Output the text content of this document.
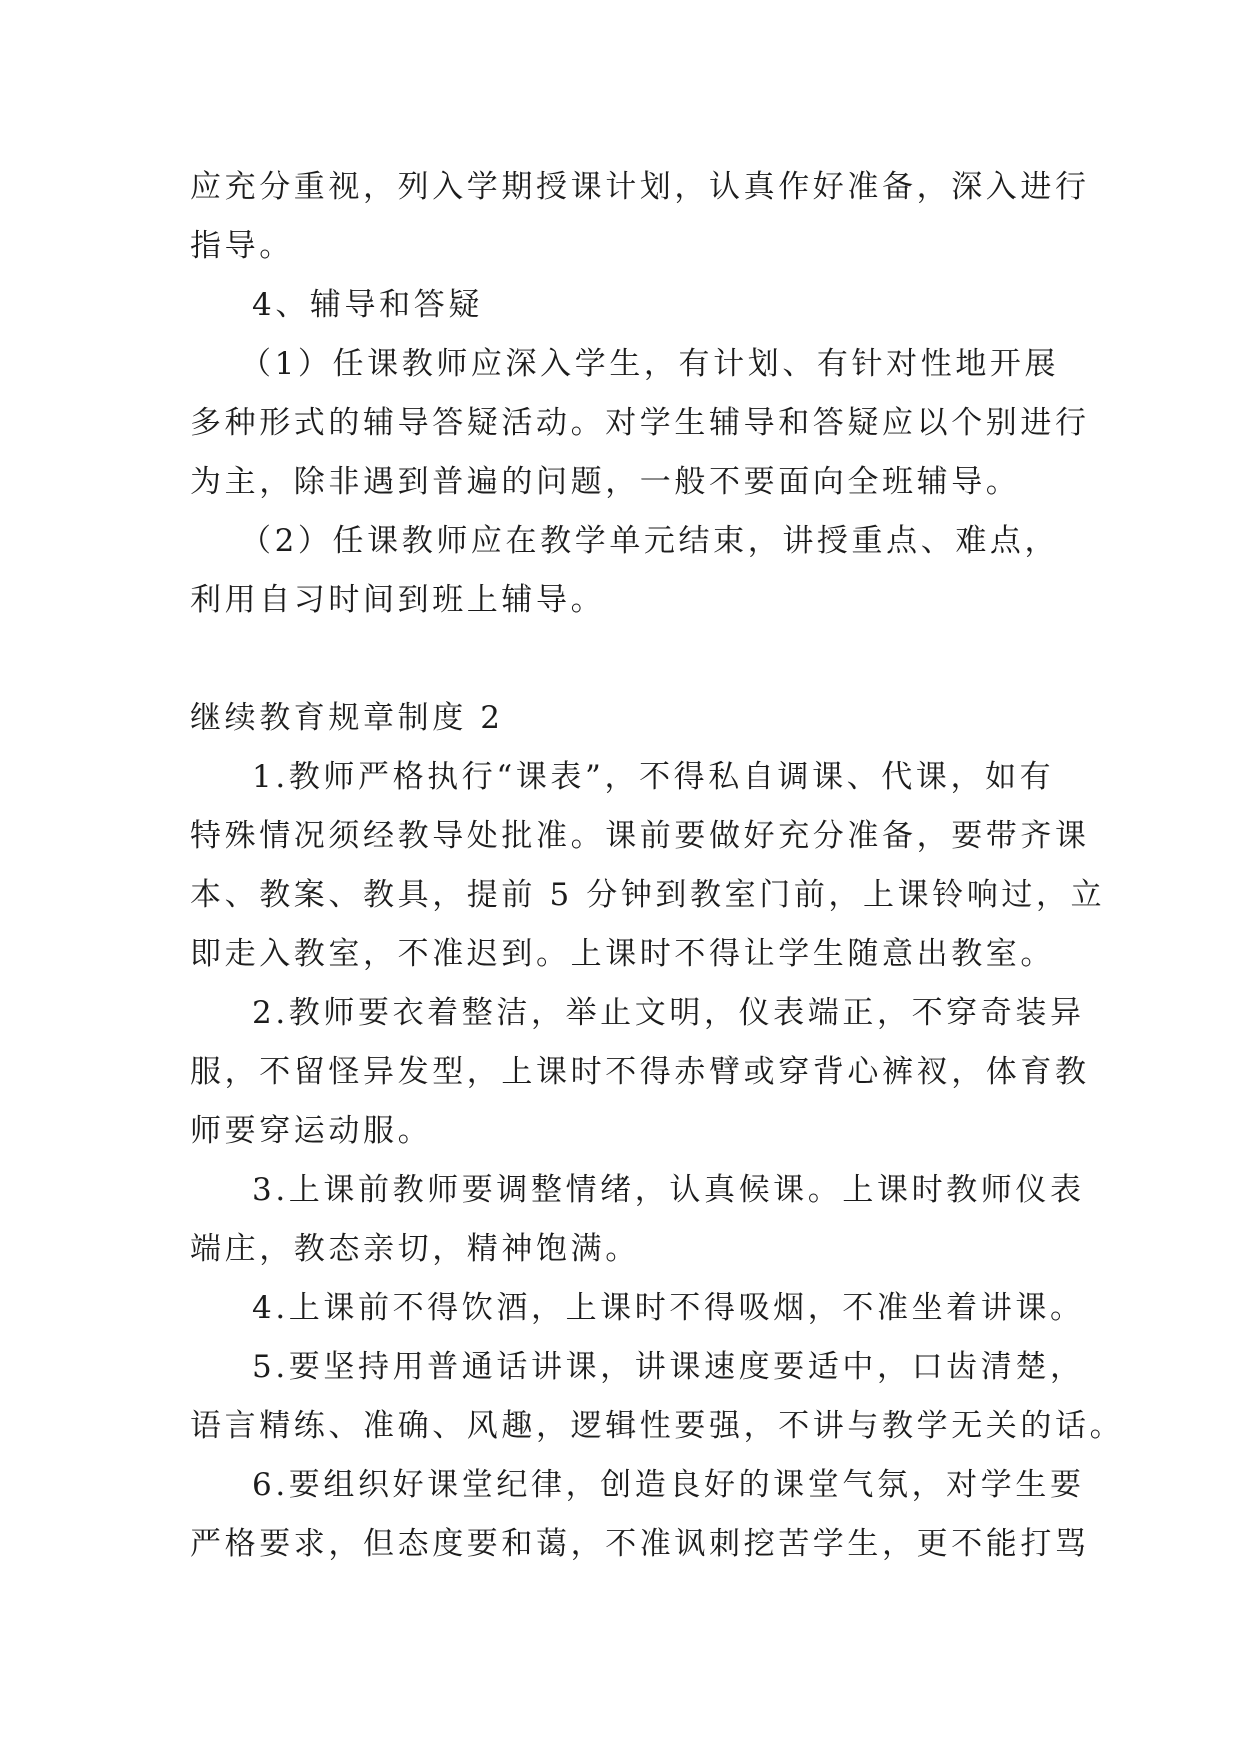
应充分重视，列入学期授课计划，认真作好准备，深入进行
指导。
4、辅导和答疑
（1）任课教师应深入学生，有计划、有针对性地开展
多种形式的辅导答疑活动。对学生辅导和答疑应以个别进行
为主，除非遇到普遍的问题，一般不要面向全班辅导。
（2）任课教师应在教学单元结束，讲授重点、难点，
利用自习时间到班上辅导。
继续教育规章制度 2
1.教师严格执行“课表”，不得私自调课、代课，如有
特殊情况须经教导处批准。课前要做好充分准备，要带齐课
本、教案、教具，提前 5 分钟到教室门前，上课铃响过，立
即走入教室，不准迟到。上课时不得让学生随意出教室。
2.教师要衣着整洁，举止文明，仪表端正，不穿奇装异
服，不留怪异发型，上课时不得赤臂或穿背心裤衩，体育教
师要穿运动服。
3.上课前教师要调整情绪，认真候课。上课时教师仪表
端庄，教态亲切，精神饱满。
4.上课前不得饮酒，上课时不得吸烟，不准坐着讲课。
5.要坚持用普通话讲课，讲课速度要适中，口齿清楚，
语言精练、准确、风趣，逻辑性要强，不讲与教学无关的话。
6.要组织好课堂纪律，创造良好的课堂气氛，对学生要
严格要求，但态度要和蔼，不准讽刺挖苦学生，更不能打骂
